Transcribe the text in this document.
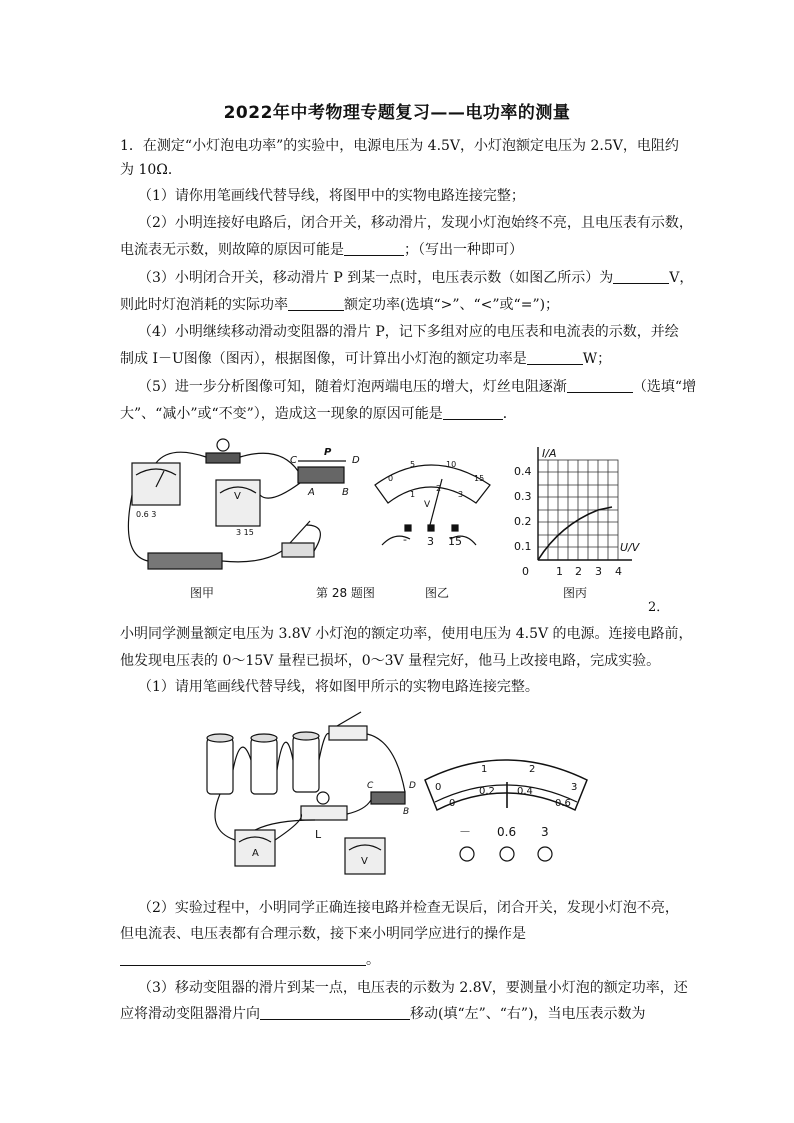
2022年中考物理专题复习——电功率的测量
1．在测定“小灯泡电功率”的实验中，电源电压为 4.5V，小灯泡额定电压为 2.5V，电阻约
为 10Ω．
（1）请你用笔画线代替导线，将图甲中的实物电路连接完整；
（2）小明连接好电路后，闭合开关，移动滑片，发现小灯泡始终不亮，且电压表有示数，
电流表无示数，则故障的原因可能是	；（写出一种即可）
（3）小明闭合开关，移动滑片 P 到某一点时，电压表示数（如图乙所示）为	V，
则此时灯泡消耗的实际功率	额定功率(选填“>”、“<”或“=”)；
（4）小明继续移动滑动变阻器的滑片 P，记下多组对应的电压表和电流表的示数，并绘
制成 I－U图像（图丙），根据图像，可计算出小灯泡的额定功率是	W；
（5）进一步分析图像可知，随着灯泡两端电压的增大，灯丝电阻逐渐	（选填“增
大”、“减小”或“不变”），造成这一现象的原因可能是	．
P
C	D
A	B
V
0.6 3
3 15
0
5	10
15
1
2
3
V
- 3 15
I/A
U/V
0.4
0.3
0.2
0.1
0 1 2 3 4
图甲	第 28 题图	图乙	图丙
2．
小明同学测量额定电压为 3.8V 小灯泡的额定功率，使用电压为 4.5V 的电源。连接电路前，
他发现电压表的 0～15V 量程已损坏，0～3V 量程完好，他马上改接电路，完成实验。
（1）请用笔画线代替导线，将如图甲所示的实物电路连接完整。
L
A
V
C	D
B
0
1	2
3
0
0.2 0.4
0.6
－ 0.6 3
（2）实验过程中，小明同学正确连接电路并检查无误后，闭合开关，发现小灯泡不亮，
但电流表、电压表都有合理示数，接下来小明同学应进行的操作是
。
（3）移动变阻器的滑片到某一点，电压表的示数为 2.8V，要测量小灯泡的额定功率，还
应将滑动变阻器滑片向	移动(填“左”、“右”)，当电压表示数为
